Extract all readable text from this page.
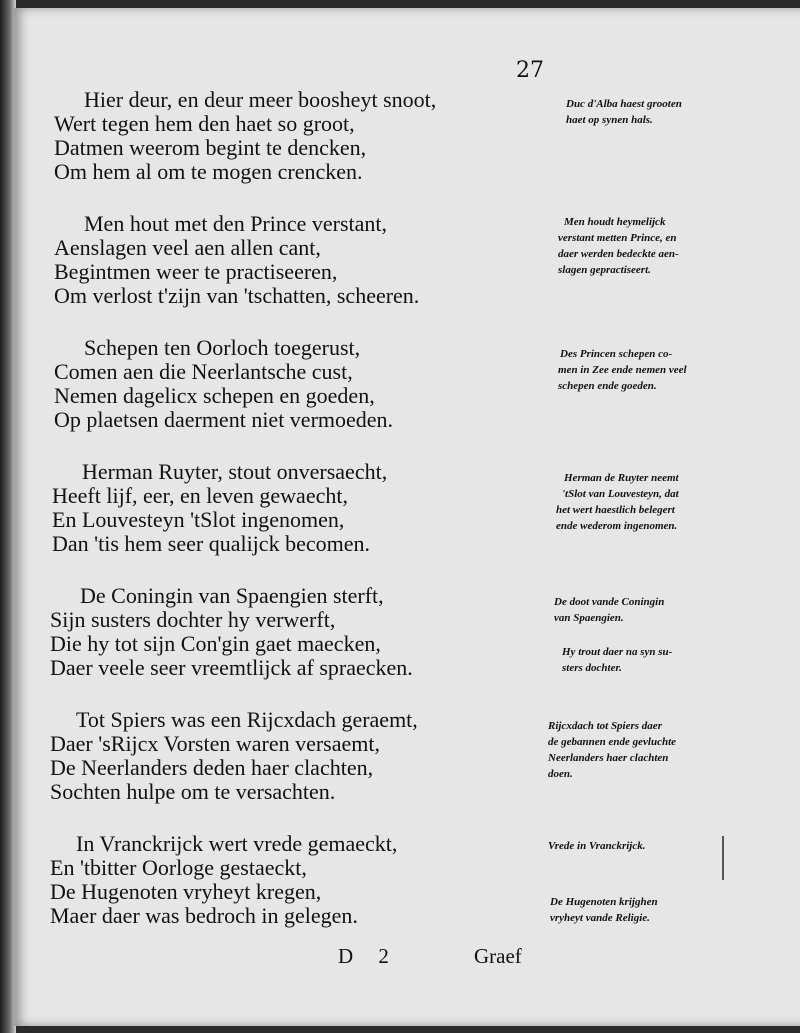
⠀
27
Hier deur, en deur meer boosheyt snoot,
Wert tegen hem den haet so groot,
Datmen weerom begint te dencken,
Om hem al om te mogen crencken.
Men hout met den Prince verstant,
Aenslagen veel aen allen cant,
Begintmen weer te practiseeren,
Om verlost t'zijn van 'tschatten, scheeren.
Schepen ten Oorloch toegerust,
Comen aen die Neerlantsche cust,
Nemen dagelicx schepen en goeden,
Op plaetsen daerment niet vermoeden.
Herman Ruyter, stout onversaecht,
Heeft lijf, eer, en leven gewaecht,
En Louvesteyn 'tSlot ingenomen,
Dan 'tis hem seer qualijck becomen.
De Coningin van Spaengien sterft,
Sijn susters dochter hy verwerft,
Die hy tot sijn Con'gin gaet maecken,
Daer veele seer vreemtlijck af spraecken.
Tot Spiers was een Rijcxdach geraemt,
Daer 'sRijcx Vorsten waren versaemt,
De Neerlanders deden haer clachten,
Sochten hulpe om te versachten.
In Vranckrijck wert vrede gemaeckt,
En 'tbitter Oorloge gestaeckt,
De Hugenoten vryheyt kregen,
Maer daer was bedroch in gelegen.
Duc d'Alba haest grooten
haet op synen hals.
Men houdt heymelijck
verstant metten Prince, en
daer werden bedeckte aen-
slagen gepractiseert.
Des Princen schepen co-
men in Zee ende nemen veel
schepen ende goeden.
Herman de Ruyter neemt
'tSlot van Louvesteyn, dat
het wert haestlich belegert
ende wederom ingenomen.
De doot vande Coningin
van Spaengien.
Hy trout daer na syn su-
sters dochter.
Rijcxdach tot Spiers daer
de gebannen ende gevluchte
Neerlanders haer clachten
doen.
Vrede in Vranckrijck.
De Hugenoten krijghen
vryheyt vande Religie.
D 2	Graef
